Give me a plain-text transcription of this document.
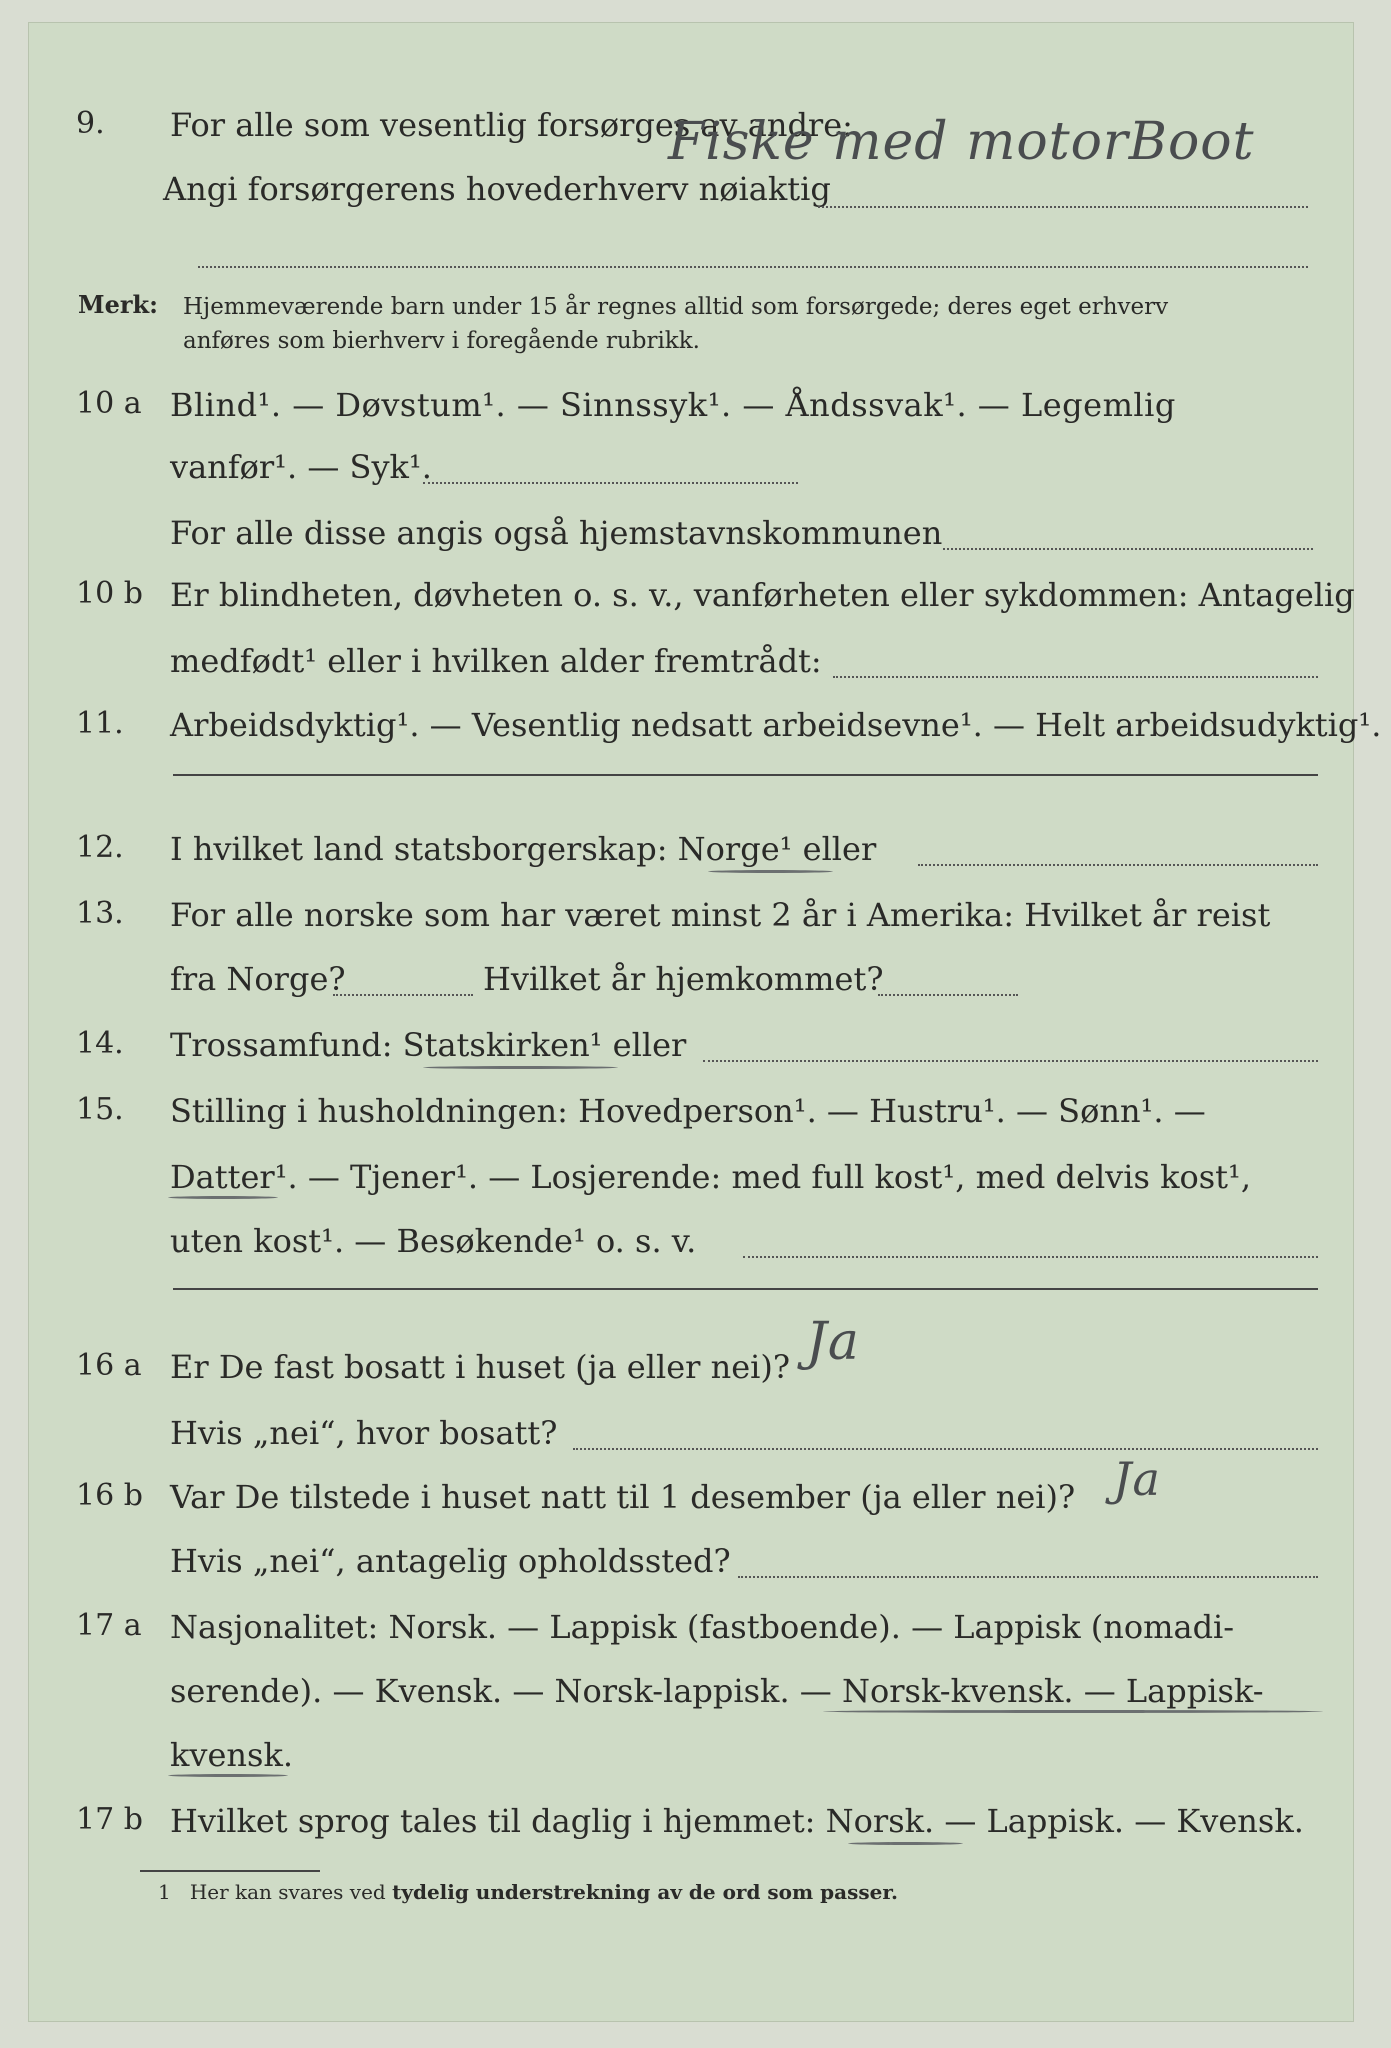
9. For alle som vesentlig forsørges av andre:
Angi forsørgerens hovederhverv nøiaktig
Fiske med motorBoot
Merk: Hjemmeværende barn under 15 år regnes alltid som forsørgede; deres eget erhverv
anføres som bierhverv i foregående rubrikk.
10 a Blind¹. — Døvstum¹. — Sinnssyk¹. — Åndssvak¹. — Legemlig
vanfør¹. — Syk¹.
For alle disse angis også hjemstavnskommunen
10 b Er blindheten, døvheten o. s. v., vanførheten eller sykdommen: Antagelig
medfødt¹ eller i hvilken alder fremtrådt:
11. Arbeidsdyktig¹. — Vesentlig nedsatt arbeidsevne¹. — Helt arbeidsudyktig¹.
12. I hvilket land statsborgerskap: Norge¹ eller
13. For alle norske som har været minst 2 år i Amerika: Hvilket år reist
fra Norge?	Hvilket år hjemkommet?
14. Trossamfund: Statskirken¹ eller
15. Stilling i husholdningen: Hovedperson¹. — Hustru¹. — Sønn¹. —
Datter¹. — Tjener¹. — Losjerende: med full kost¹, med delvis kost¹,
uten kost¹. — Besøkende¹ o. s. v.
16 a Er De fast bosatt i huset (ja eller nei)? Ja
Hvis „nei“, hvor bosatt?
16 b Var De tilstede i huset natt til 1 desember (ja eller nei)? Ja
Hvis „nei“, antagelig opholdssted?
17 a Nasjonalitet: Norsk. — Lappisk (fastboende). — Lappisk (nomadi-
serende). — Kvensk. — Norsk-lappisk. — Norsk-kvensk. — Lappisk-
kvensk.
17 b Hvilket sprog tales til daglig i hjemmet: Norsk. — Lappisk. — Kvensk.
1 Her kan svares ved tydelig understrekning av de ord som passer.
